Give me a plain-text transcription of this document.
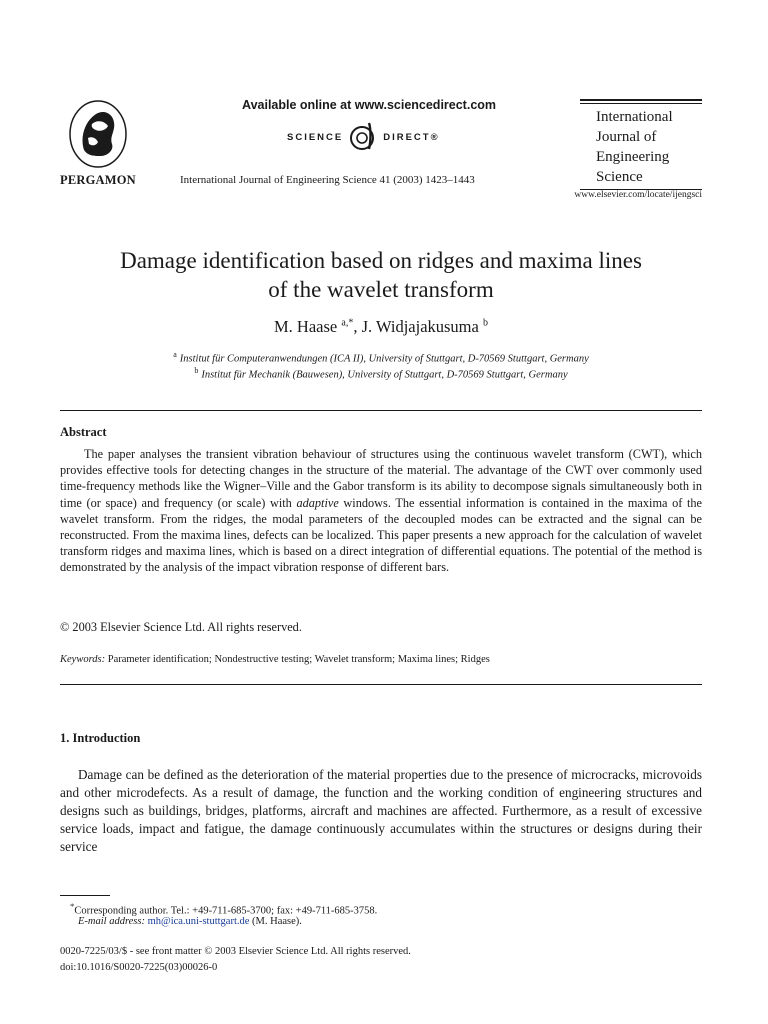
PERGAMON
Available online at www.sciencedirect.com
SCIENCE	DIRECT®
International Journal of Engineering Science 41 (2003) 1423–1443
International
Journal of
Engineering
Science
www.elsevier.com/locate/ijengsci
Damage identification based on ridges and maxima lines
of the wavelet transform
M. Haase $^{a,*}$, J. Widjajakusuma $^b$
$^a$ Institut für Computeranwendungen (ICA II), University of Stuttgart, D-70569 Stuttgart, Germany
$^b$ Institut für Mechanik (Bauwesen), University of Stuttgart, D-70569 Stuttgart, Germany
Abstract

The paper analyses the transient vibration behaviour of structures using the continuous wavelet transform (CWT), which provides effective tools for detecting changes in the structure of the material. The advantage of the CWT over commonly used time-frequency methods like the Wigner–Ville and the Gabor transform is its ability to decompose signals simultaneously both in time (or space) and frequency (or scale) with adaptive windows. The essential information is contained in the maxima of the wavelet transform. From the ridges, the modal parameters of the decoupled modes can be extracted and the signal can be reconstructed. From the maxima lines, defects can be localized. This paper presents a new approach for the calculation of wavelet transform ridges and maxima lines, which is based on a direct integration of differential equations. The potential of the method is demonstrated by the analysis of the impact vibration response of different bars.

© 2003 Elsevier Science Ltd. All rights reserved.
Keywords: Parameter identification; Nondestructive testing; Wavelet transform; Maxima lines; Ridges
1. Introduction

Damage can be defined as the deterioration of the material properties due to the presence of microcracks, microvoids and other microdefects. As a result of damage, the function and the working condition of engineering structures and designs such as buildings, bridges, platforms, aircraft and machines are affected. Furthermore, as a result of excessive service loads, impact and fatigue, the damage continuously accumulates within the structures or designs during their service

*Corresponding author. Tel.: +49-711-685-3700; fax: +49-711-685-3758.
E-mail address: mh@ica.uni-stuttgart.de (M. Haase).
0020-7225/03/$ - see front matter © 2003 Elsevier Science Ltd. All rights reserved.
doi:10.1016/S0020-7225(03)00026-0
